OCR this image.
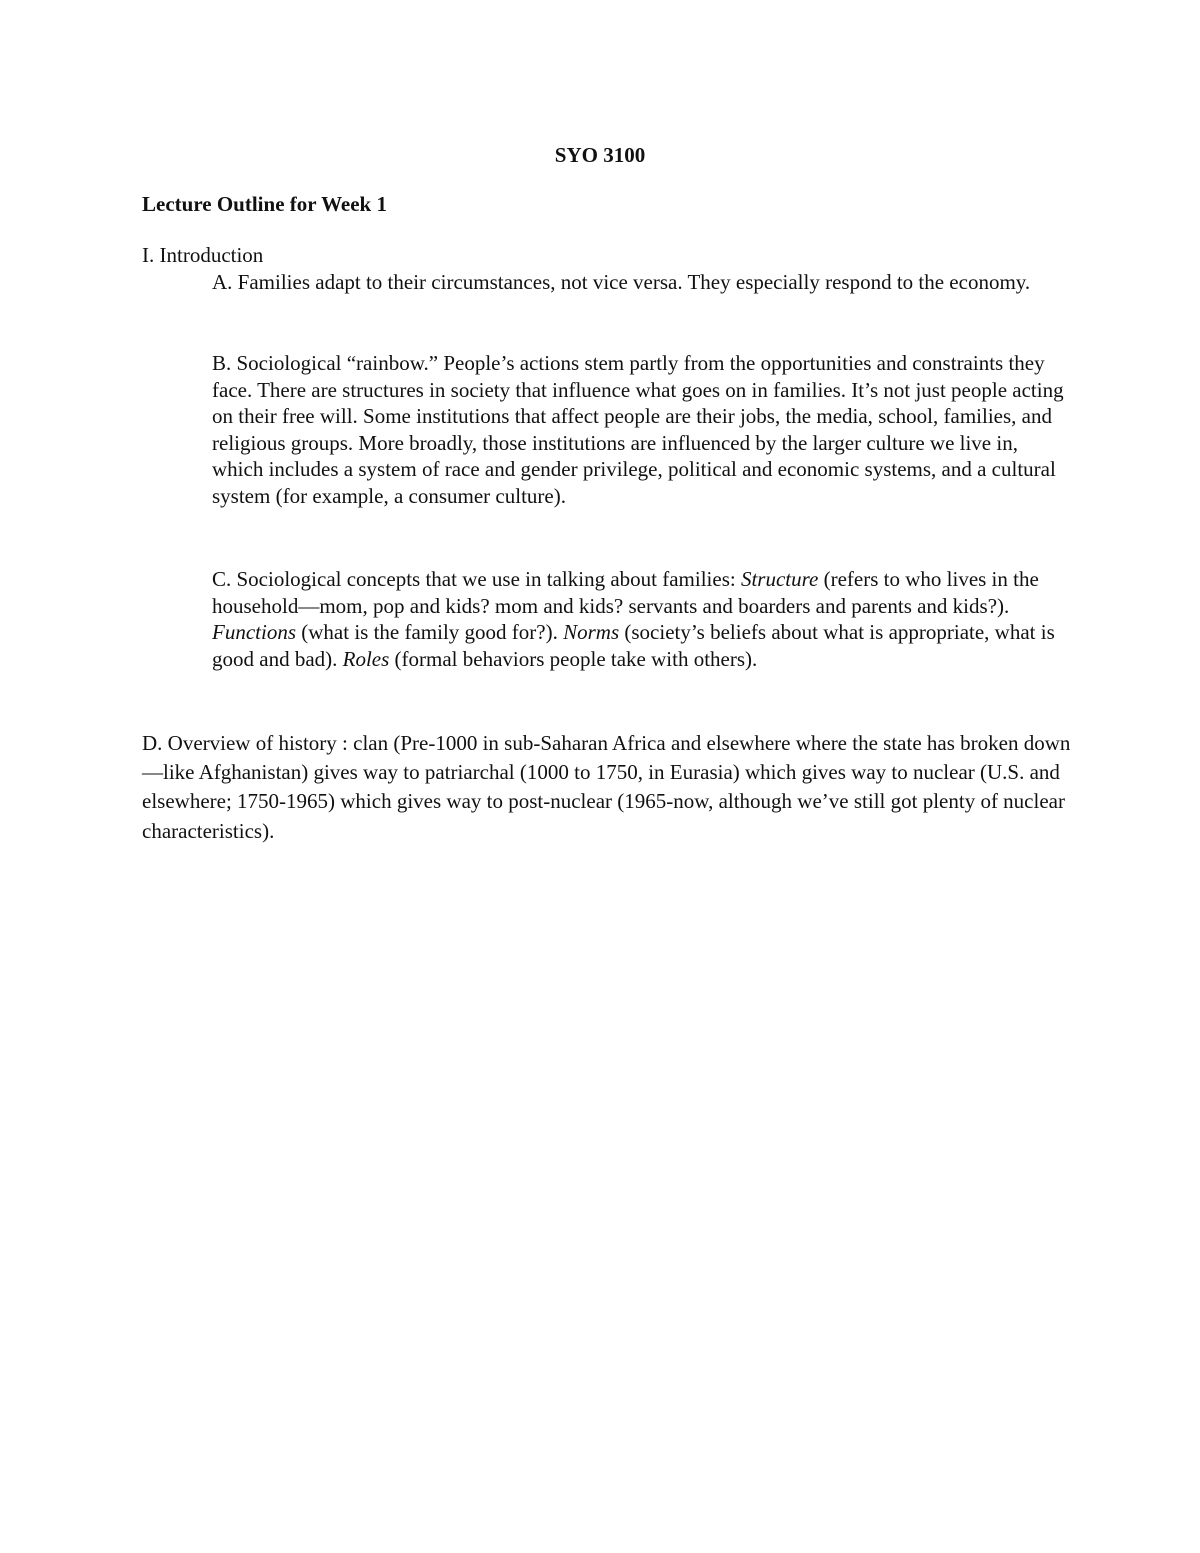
SYO 3100
Lecture Outline for Week 1
I. Introduction

A. Families adapt to their circumstances, not vice versa. They especially respond to the economy.

B. Sociological “rainbow.” People’s actions stem partly from the opportunities and constraints they face. There are structures in society that influence what goes on in families. It’s not just people acting on their free will. Some institutions that affect people are their jobs, the media, school, families, and religious groups. More broadly, those institutions are influenced by the larger culture we live in, which includes a system of race and gender privilege, political and economic systems, and a cultural system (for example, a consumer culture).

C. Sociological concepts that we use in talking about families: Structure (refers to who lives in the household—mom, pop and kids? mom and kids? servants and boarders and parents and kids?). Functions (what is the family good for?). Norms (society’s beliefs about what is appropriate, what is good and bad). Roles (formal behaviors people take with others).

D. Overview of history : clan (Pre-1000 in sub-Saharan Africa and elsewhere where the state has broken down—like Afghanistan) gives way to patriarchal (1000 to 1750, in Eurasia) which gives way to nuclear (U.S. and elsewhere; 1750-1965) which gives way to post-nuclear (1965-now, although we’ve still got plenty of nuclear characteristics).
